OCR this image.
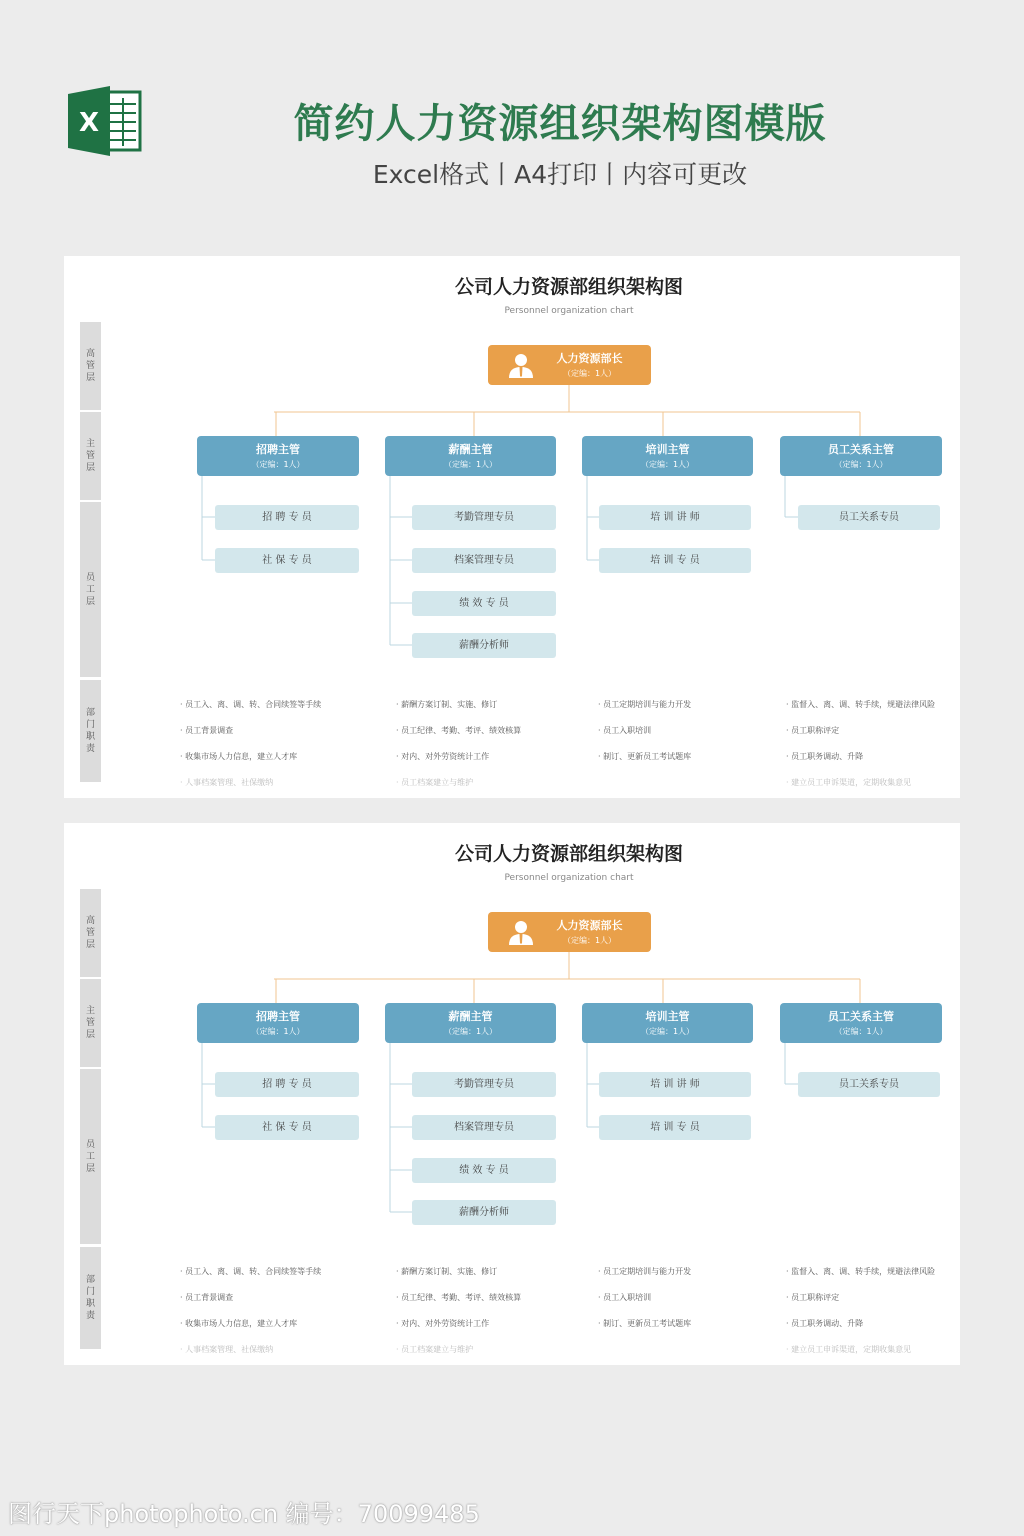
X	简约人力资源组织架构图模版
Excel格式丨A4打印丨内容可更改
公司人力资源部组织架构图
Personnel organization chart
高管层
主管层
员工层
部门职责
人力资源部长
（定编：1人）
招聘主管
（定编：1人）
招 聘 专 员
社 保 专 员
· 员工入、离、调、转、合同续签等手续
· 员工背景调查
· 收集市场人力信息，建立人才库
· 人事档案管理、社保缴纳
薪酬主管
（定编：1人）
考勤管理专员
档案管理专员
绩 效 专 员
薪酬分析师
· 薪酬方案订制、实施、修订
· 员工纪律、考勤、考评、绩效核算
· 对内、对外劳资统计工作
· 员工档案建立与维护
培训主管
（定编：1人）
培 训 讲 师
培 训 专 员
· 员工定期培训与能力开发
· 员工入职培训
· 制订、更新员工考试题库
员工关系主管
（定编：1人）
员工关系专员
· 监督入、离、调、转手续，规避法律风险
· 员工职称评定
· 员工职务调动、升降
· 建立员工申诉渠道，定期收集意见
公司人力资源部组织架构图
Personnel organization chart
高管层
主管层
员工层
部门职责
人力资源部长
（定编：1人）
招聘主管
（定编：1人）
招 聘 专 员
社 保 专 员
· 员工入、离、调、转、合同续签等手续
· 员工背景调查
· 收集市场人力信息，建立人才库
· 人事档案管理、社保缴纳
薪酬主管
（定编：1人）
考勤管理专员
档案管理专员
绩 效 专 员
薪酬分析师
· 薪酬方案订制、实施、修订
· 员工纪律、考勤、考评、绩效核算
· 对内、对外劳资统计工作
· 员工档案建立与维护
培训主管
（定编：1人）
培 训 讲 师
培 训 专 员
· 员工定期培训与能力开发
· 员工入职培训
· 制订、更新员工考试题库
员工关系主管
（定编：1人）
员工关系专员
· 监督入、离、调、转手续，规避法律风险
· 员工职称评定
· 员工职务调动、升降
· 建立员工申诉渠道，定期收集意见
图行天下photophoto.cn 编号：70099485
